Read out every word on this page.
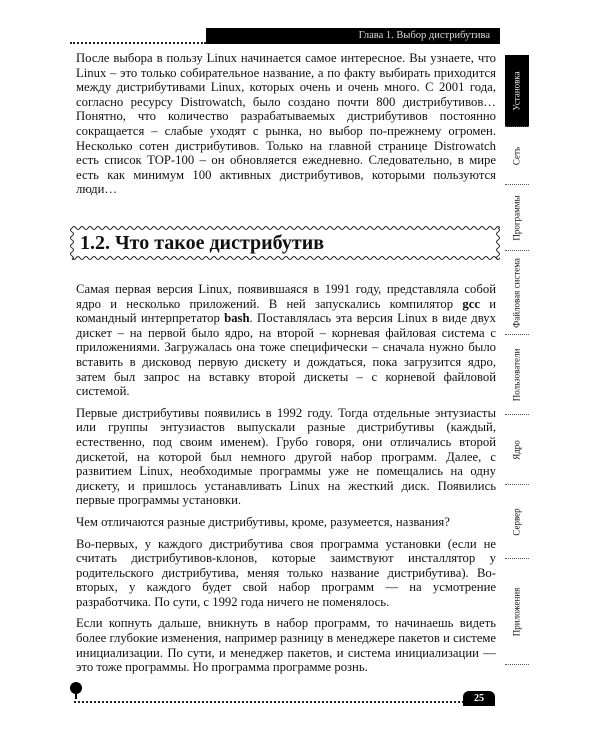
Глава 1. Выбор дистрибутива

После выбора в пользу Linux начинается самое интересное. Вы узнаете, что Linux – это только собирательное название, а по факту выбирать приходится между дистрибутивами Linux, которых очень и очень много. С 2001 года, согласно ресурсу Distrowatch, было создано почти 800 дистрибутивов… Понятно, что количество разрабатываемых дистрибутивов постоянно сокращается – слабые уходят с рынка, но выбор по-прежнему огромен. Несколько сотен дистрибутивов. Только на главной странице Distrowatch есть список TOP-100 – он обновляется ежедневно. Следовательно, в мире есть как минимум 100 активных дистрибутивов, которыми пользуются люди…

1.2. Что такое дистрибутив

Самая первая версия Linux, появившаяся в 1991 году, представляла собой ядро и несколько приложений. В ней запускались компилятор gcc и командный интерпретатор bash. Поставлялась эта версия Linux в виде двух дискет – на первой было ядро, на второй – корневая файловая система с приложениями. Загружалась она тоже специфически – сначала нужно было вставить в дисковод первую дискету и дождаться, пока загрузится ядро, затем был запрос на вставку второй дискеты – с корневой файловой системой.

Первые дистрибутивы появились в 1992 году. Тогда отдельные энтузиасты или группы энтузиастов выпускали разные дистрибутивы (каждый, естественно, под своим именем). Грубо говоря, они отличались второй дискетой, на которой был немного другой набор программ. Далее, с развитием Linux, необходимые программы уже не помещались на одну дискету, и пришлось устанавливать Linux на жесткий диск. Появились первые программы установки.

Чем отличаются разные дистрибутивы, кроме, разумеется, названия?

Во-первых, у каждого дистрибутива своя программа установки (если не считать дистрибутивов-клонов, которые заимствуют инсталлятор у родительского дистрибутива, меняя только название дистрибутива). Во-вторых, у каждого будет свой набор программ — на усмотрение разработчика. По сути, с 1992 года ничего не поменялось.

Если копнуть дальше, вникнуть в набор программ, то начинаешь видеть более глубокие изменения, например разницу в менеджере пакетов и системе инициализации. По сути, и менеджер пакетов, и система инициализации — это тоже программы. Но программа программе рознь.

Установка
Сеть
Программы
Файловая система
Пользователи
Ядро
Сервер
Приложения
25
